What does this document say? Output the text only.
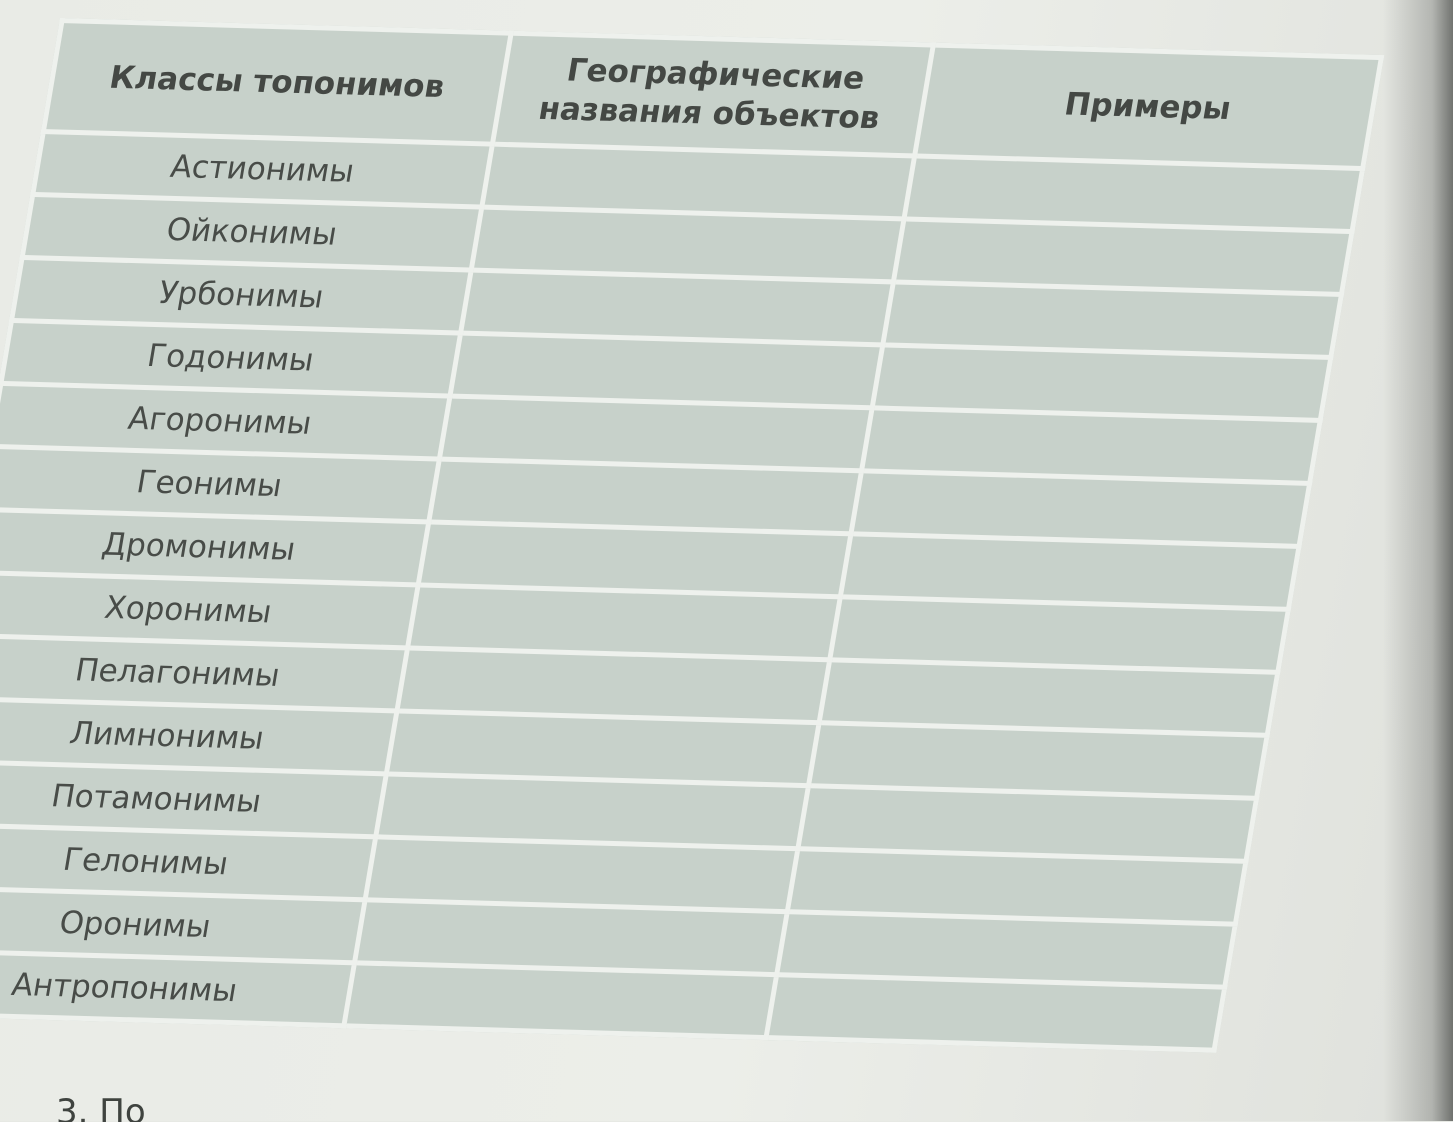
Классы топонимов	Географические названия объектов	Примеры
Астионимы		
Ойконимы		
Урбонимы		
Годонимы		
Агоронимы		
Геонимы		
Дромонимы		
Хоронимы		
Пелагонимы		
Лимнонимы		
Потамонимы		
Гелонимы		
Оронимы		
Антропонимы		
3. По
